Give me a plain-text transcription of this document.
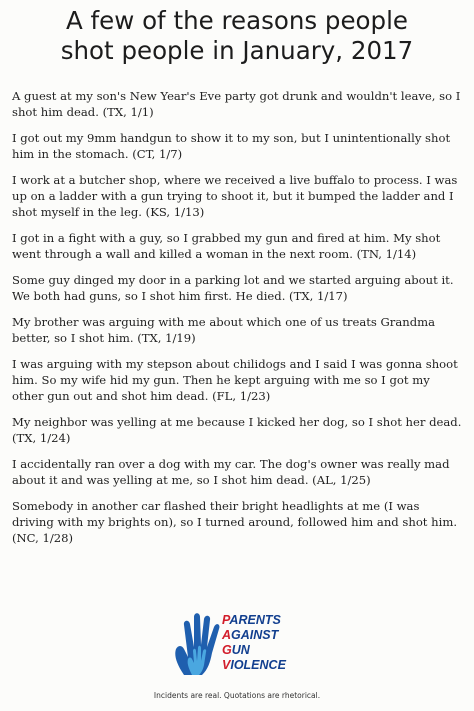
A few of the reasons people
shot people in January, 2017

A guest at my son's New Year's Eve party got drunk and wouldn't leave, so I shot him dead. (TX, 1/1)

I got out my 9mm handgun to show it to my son, but I unintentionally shot him in the stomach. (CT, 1/7)

I work at a butcher shop, where we received a live buffalo to process. I was up on a ladder with a gun trying to shoot it, but it bumped the ladder and I shot myself in the leg. (KS, 1/13)

I got in a fight with a guy, so I grabbed my gun and fired at him. My shot went through a wall and killed a woman in the next room. (TN, 1/14)

Some guy dinged my door in a parking lot and we started arguing about it. We both had guns, so I shot him first. He died. (TX, 1/17)

My brother was arguing with me about which one of us treats Grandma better, so I shot him. (TX, 1/19)

I was arguing with my stepson about chilidogs and I said I was gonna shoot him. So my wife hid my gun. Then he kept arguing with me so I got my other gun out and shot him dead. (FL, 1/23)

My neighbor was yelling at me because I kicked her dog, so I shot her dead. (TX, 1/24)

I accidentally ran over a dog with my car. The dog's owner was really mad about it and was yelling at me, so I shot him dead. (AL, 1/25)

Somebody in another car flashed their bright headlights at me (I was driving with my brights on), so I turned around, followed him and shot him. (NC, 1/28)

PARENTS
AGAINST
GUN
VIOLENCE
Incidents are real. Quotations are rhetorical.
